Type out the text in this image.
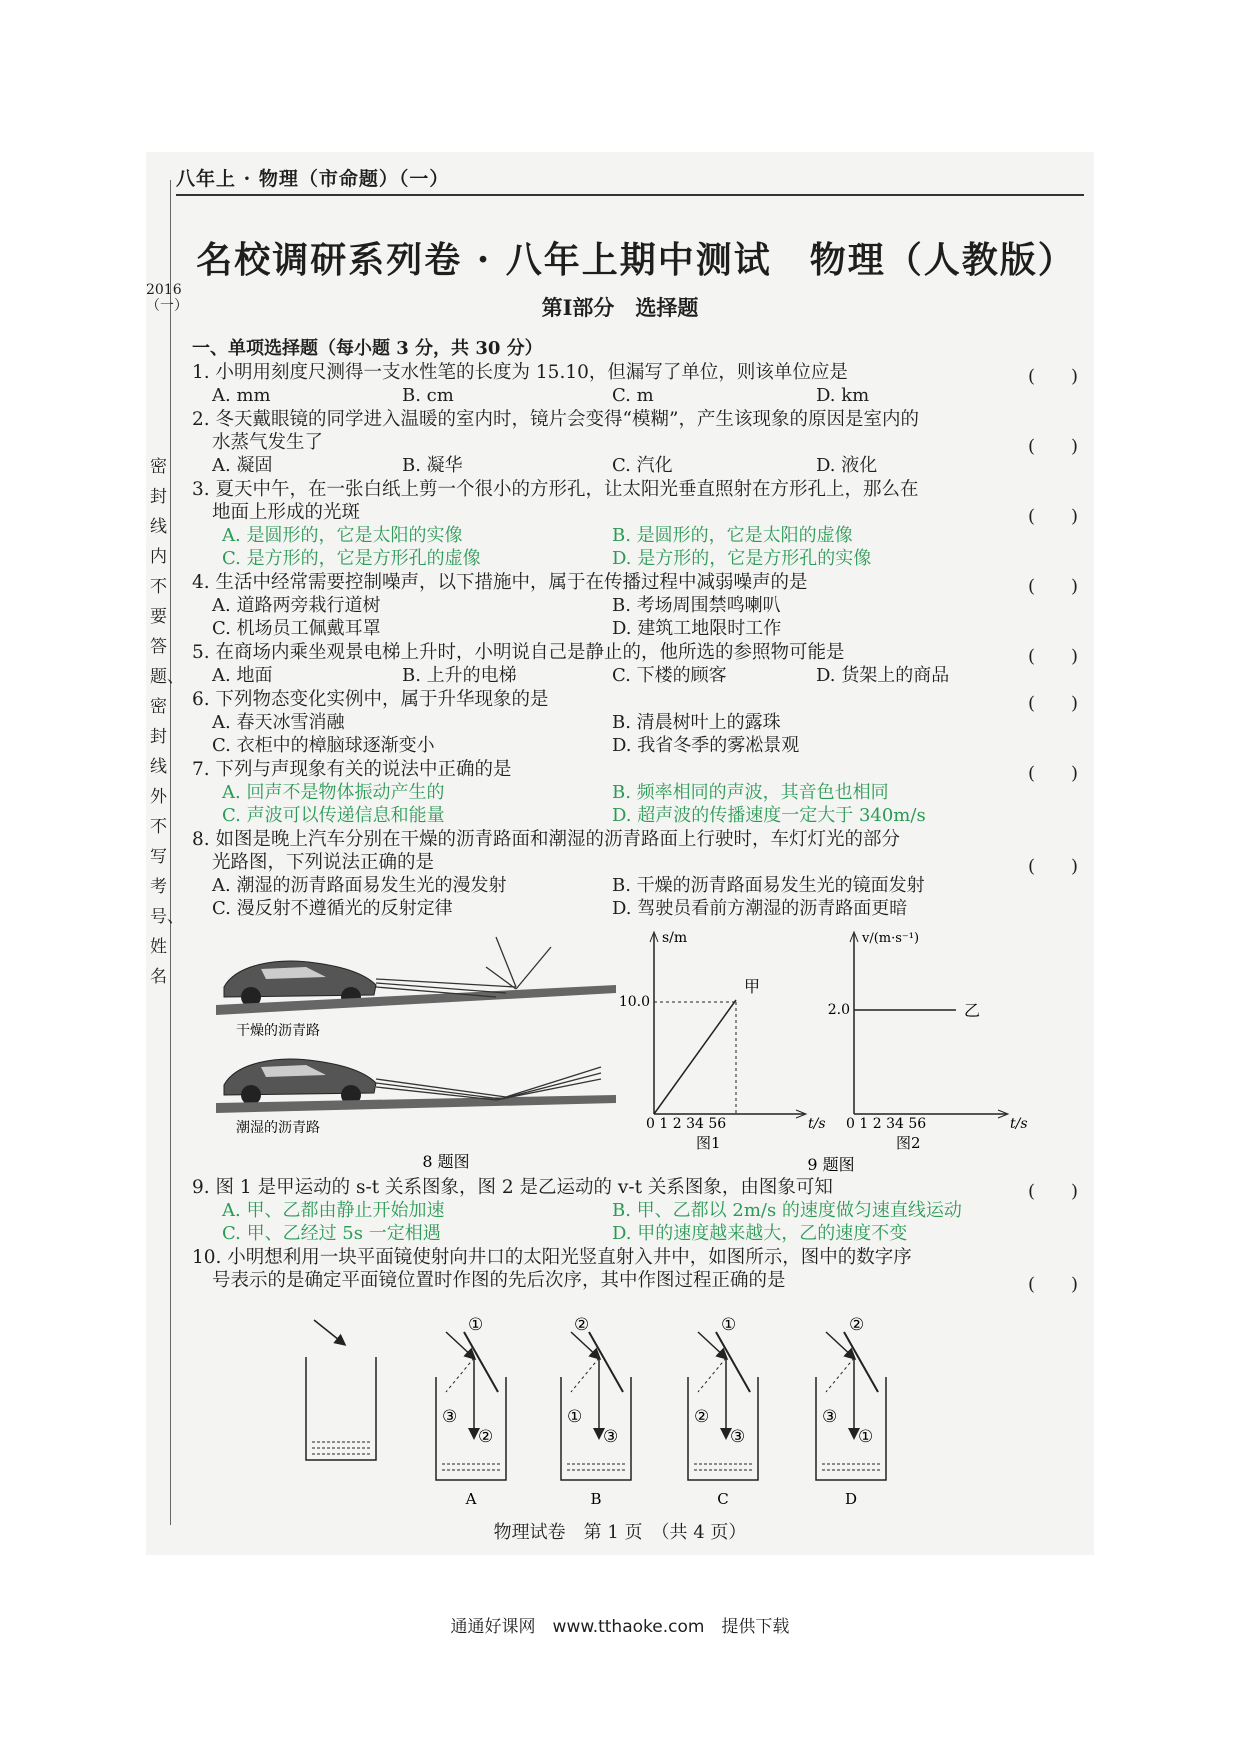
八年上 · 物理（市命题）（一）
2016（一）
密封线内不要答题、密封线外不写考号、姓名
名校调研系列卷 · 八年上期中测试　物理（人教版）
第Ⅰ部分　选择题
一、单项选择题（每小题 3 分，共 30 分）
1. 小明用刻度尺测得一支水性笔的长度为 15.10，但漏写了单位，则该单位应是	(　　)
A. mm	B. cm	C. m	D. km
2. 冬天戴眼镜的同学进入温暖的室内时，镜片会变得“模糊”，产生该现象的原因是室内的
水蒸气发生了	(　　)
A. 凝固	B. 凝华	C. 汽化	D. 液化
3. 夏天中午，在一张白纸上剪一个很小的方形孔，让太阳光垂直照射在方形孔上，那么在
地面上形成的光斑	(　　)
A. 是圆形的，它是太阳的实像	B. 是圆形的，它是太阳的虚像
C. 是方形的，它是方形孔的虚像	D. 是方形的，它是方形孔的实像
4. 生活中经常需要控制噪声，以下措施中，属于在传播过程中减弱噪声的是	(　　)
A. 道路两旁栽行道树	B. 考场周围禁鸣喇叭
C. 机场员工佩戴耳罩	D. 建筑工地限时工作
5. 在商场内乘坐观景电梯上升时，小明说自己是静止的，他所选的参照物可能是	(　　)
A. 地面	B. 上升的电梯	C. 下楼的顾客	D. 货架上的商品
6. 下列物态变化实例中，属于升华现象的是	(　　)
A. 春天冰雪消融	B. 清晨树叶上的露珠
C. 衣柜中的樟脑球逐渐变小	D. 我省冬季的雾凇景观
7. 下列与声现象有关的说法中正确的是	(　　)
A. 回声不是物体振动产生的	B. 频率相同的声波，其音色也相同
C. 声波可以传递信息和能量	D. 超声波的传播速度一定大于 340m/s
8. 如图是晚上汽车分别在干燥的沥青路面和潮湿的沥青路面上行驶时，车灯灯光的部分
光路图，下列说法正确的是	(　　)
A. 潮湿的沥青路面易发生光的漫发射	B. 干燥的沥青路面易发生光的镜面发射
C. 漫反射不遵循光的反射定律	D. 驾驶员看前方潮湿的沥青路面更暗
干燥的沥青路
潮湿的沥青路
8 题图
s/m
t/s
10.0
0 1 2 34 56
甲
图1
v/(m·s⁻¹)
t/s
2.0
0 1 2 34 56
乙
图2
9 题图
9. 图 1 是甲运动的 s-t 关系图象，图 2 是乙运动的 v-t 关系图象，由图象可知	(　　)
A. 甲、乙都由静止开始加速	B. 甲、乙都以 2m/s 的速度做匀速直线运动
C. 甲、乙经过 5s 一定相遇	D. 甲的速度越来越大，乙的速度不变
10. 小明想利用一块平面镜使射向井口的太阳光竖直射入井中，如图所示，图中的数字序
号表示的是确定平面镜位置时作图的先后次序，其中作图过程正确的是	(　　)
①
③
②
A
②
①
③
B
①
②
③
C
②
③
①
D
物理试卷　第 1 页　（共 4 页）
通通好课网　www.tthaoke.com　提供下载
